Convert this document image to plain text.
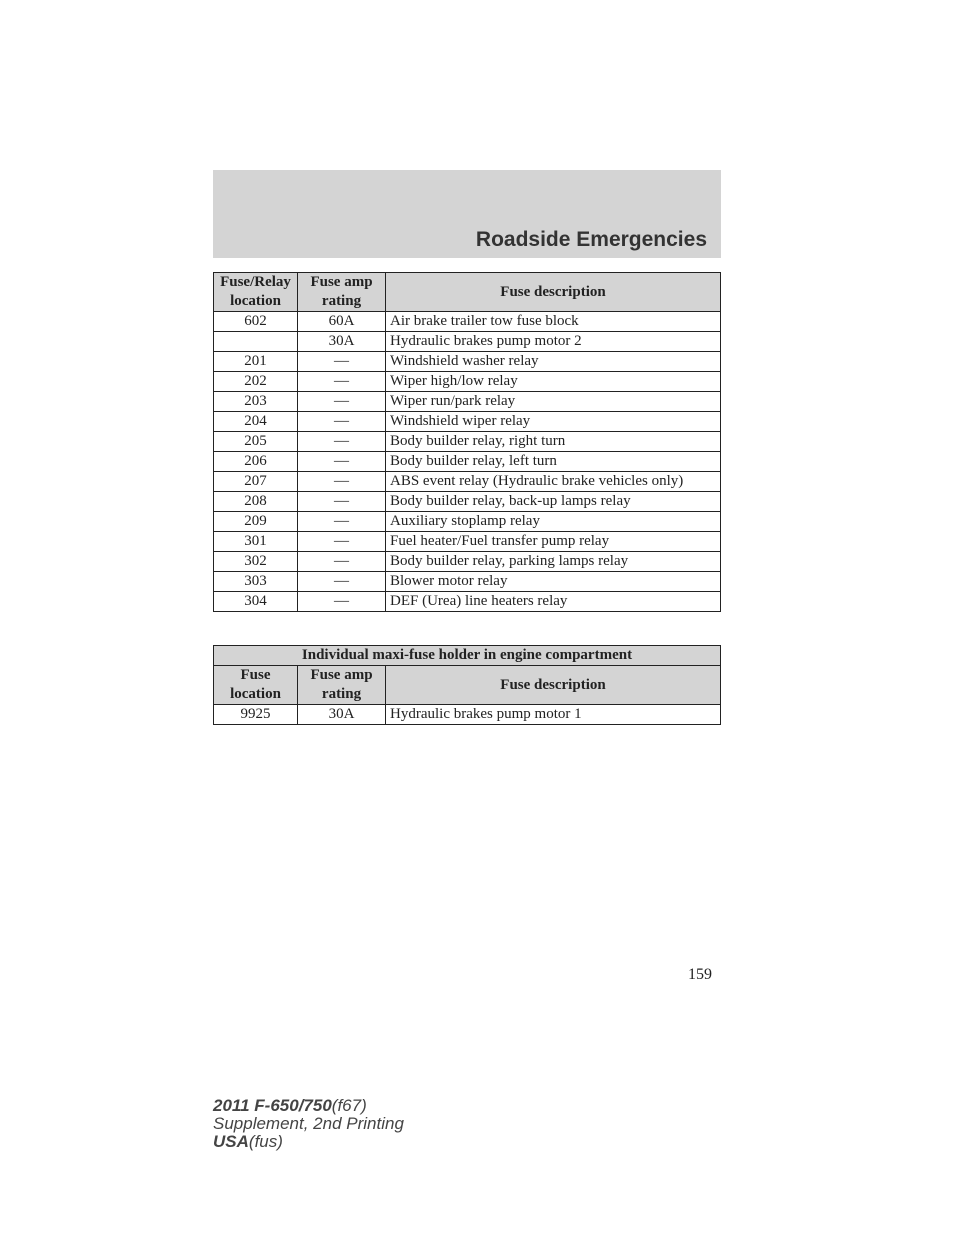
Roadside Emergencies
Fuse/Relay location	Fuse amp rating	Fuse description
602	60A	Air brake trailer tow fuse block
	30A	Hydraulic brakes pump motor 2
201	—	Windshield washer relay
202	—	Wiper high/low relay
203	—	Wiper run/park relay
204	—	Windshield wiper relay
205	—	Body builder relay, right turn
206	—	Body builder relay, left turn
207	—	ABS event relay (Hydraulic brake vehicles only)
208	—	Body builder relay, back-up lamps relay
209	—	Auxiliary stoplamp relay
301	—	Fuel heater/Fuel transfer pump relay
302	—	Body builder relay, parking lamps relay
303	—	Blower motor relay
304	—	DEF (Urea) line heaters relay
Individual maxi-fuse holder in engine compartment		
Fuse location	Fuse amp rating	Fuse description
9925	30A	Hydraulic brakes pump motor 1
159
2011 F-650/750(f67)
Supplement, 2nd Printing
USA(fus)
